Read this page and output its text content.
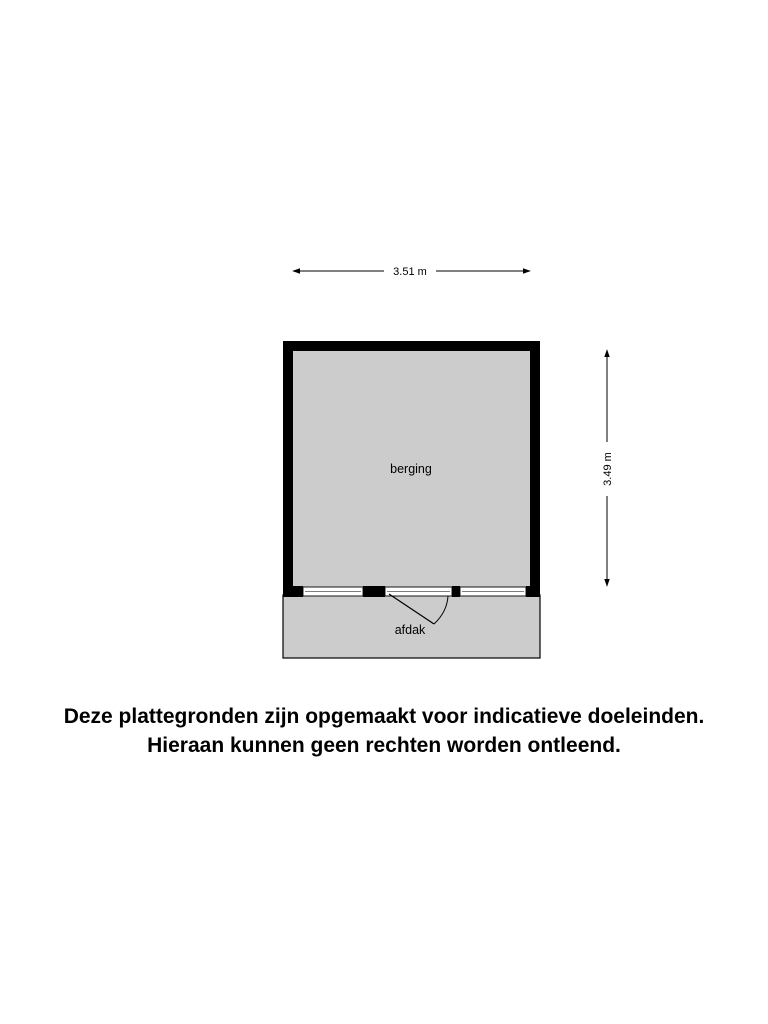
berging
afdak
3.51 m
3.49 m
Deze plattegronden zijn opgemaakt voor indicatieve doeleinden.
Hieraan kunnen geen rechten worden ontleend.
